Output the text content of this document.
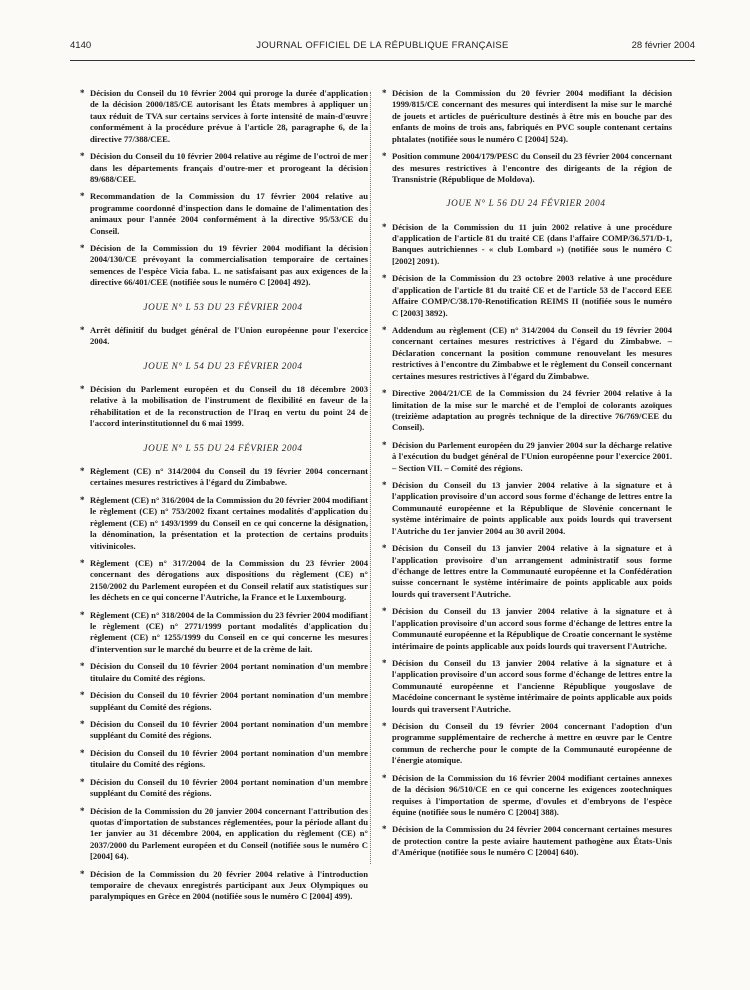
4140	JOURNAL OFFICIEL DE LA RÉPUBLIQUE FRANÇAISE	28 février 2004
* Décision du Conseil du 10 février 2004 qui proroge la durée d'application de la décision 2000/185/CE autorisant les États membres à appliquer un taux réduit de TVA sur certains services à forte intensité de main-d'œuvre conformément à la procédure prévue à l'article 28, paragraphe 6, de la directive 77/388/CEE.
* Décision du Conseil du 10 février 2004 relative au régime de l'octroi de mer dans les départements français d'outre-mer et prorogeant la décision 89/688/CEE.
* Recommandation de la Commission du 17 février 2004 relative au programme coordonné d'inspection dans le domaine de l'alimentation des animaux pour l'année 2004 conformément à la directive 95/53/CE du Conseil.
* Décision de la Commission du 19 février 2004 modifiant la décision 2004/130/CE prévoyant la commercialisation temporaire de certaines semences de l'espèce Vicia faba. L. ne satisfaisant pas aux exigences de la directive 66/401/CEE (notifiée sous le numéro C [2004] 492).
JOUE N° L 53 DU 23 FÉVRIER 2004
* Arrêt définitif du budget général de l'Union européenne pour l'exercice 2004.
JOUE N° L 54 DU 23 FÉVRIER 2004
* Décision du Parlement européen et du Conseil du 18 décembre 2003 relative à la mobilisation de l'instrument de flexibilité en faveur de la réhabilitation et de la reconstruction de l'Iraq en vertu du point 24 de l'accord interinstitutionnel du 6 mai 1999.
JOUE N° L 55 DU 24 FÉVRIER 2004
* Règlement (CE) n° 314/2004 du Conseil du 19 février 2004 concernant certaines mesures restrictives à l'égard du Zimbabwe.
* Règlement (CE) n° 316/2004 de la Commission du 20 février 2004 modifiant le règlement (CE) n° 753/2002 fixant certaines modalités d'application du règlement (CE) n° 1493/1999 du Conseil en ce qui concerne la désignation, la dénomination, la présentation et la protection de certains produits vitivinicoles.
* Règlement (CE) n° 317/2004 de la Commission du 23 février 2004 concernant des dérogations aux dispositions du règlement (CE) n° 2150/2002 du Parlement européen et du Conseil relatif aux statistiques sur les déchets en ce qui concerne l'Autriche, la France et le Luxembourg.
* Règlement (CE) n° 318/2004 de la Commission du 23 février 2004 modifiant le règlement (CE) n° 2771/1999 portant modalités d'application du règlement (CE) n° 1255/1999 du Conseil en ce qui concerne les mesures d'intervention sur le marché du beurre et de la crème de lait.
* Décision du Conseil du 10 février 2004 portant nomination d'un membre titulaire du Comité des régions.
* Décision du Conseil du 10 février 2004 portant nomination d'un membre suppléant du Comité des régions.
* Décision du Conseil du 10 février 2004 portant nomination d'un membre suppléant du Comité des régions.
* Décision du Conseil du 10 février 2004 portant nomination d'un membre titulaire du Comité des régions.
* Décision du Conseil du 10 février 2004 portant nomination d'un membre suppléant du Comité des régions.
* Décision de la Commission du 20 janvier 2004 concernant l'attribution des quotas d'importation de substances réglementées, pour la période allant du 1er janvier au 31 décembre 2004, en application du règlement (CE) n° 2037/2000 du Parlement européen et du Conseil (notifiée sous le numéro C [2004] 64).
* Décision de la Commission du 20 février 2004 relative à l'introduction temporaire de chevaux enregistrés participant aux Jeux Olympiques ou paralympiques en Grèce en 2004 (notifiée sous le numéro C [2004] 499).
* Décision de la Commission du 20 février 2004 modifiant la décision 1999/815/CE concernant des mesures qui interdisent la mise sur le marché de jouets et articles de puériculture destinés à être mis en bouche par des enfants de moins de trois ans, fabriqués en PVC souple contenant certains phtalates (notifiée sous le numéro C [2004] 524).
* Position commune 2004/179/PESC du Conseil du 23 février 2004 concernant des mesures restrictives à l'encontre des dirigeants de la région de Transnistrie (République de Moldova).
JOUE N° L 56 DU 24 FÉVRIER 2004
* Décision de la Commission du 11 juin 2002 relative à une procédure d'application de l'article 81 du traité CE (dans l'affaire COMP/36.571/D-1, Banques autrichiennes - « club Lombard ») (notifiée sous le numéro C [2002] 2091).
* Décision de la Commission du 23 octobre 2003 relative à une procédure d'application de l'article 81 du traité CE et de l'article 53 de l'accord EEE Affaire COMP/C/38.170-Renotification REIMS II (notifiée sous le numéro C [2003] 3892).
* Addendum au règlement (CE) n° 314/2004 du Conseil du 19 février 2004 concernant certaines mesures restrictives à l'égard du Zimbabwe. – Déclaration concernant la position commune renouvelant les mesures restrictives à l'encontre du Zimbabwe et le règlement du Conseil concernant certaines mesures restrictives à l'égard du Zimbabwe.
* Directive 2004/21/CE de la Commission du 24 février 2004 relative à la limitation de la mise sur le marché et de l'emploi de colorants azoïques (treizième adaptation au progrès technique de la directive 76/769/CEE du Conseil).
* Décision du Parlement européen du 29 janvier 2004 sur la décharge relative à l'exécution du budget général de l'Union européenne pour l'exercice 2001. – Section VII. – Comité des régions.
* Décision du Conseil du 13 janvier 2004 relative à la signature et à l'application provisoire d'un accord sous forme d'échange de lettres entre la Communauté européenne et la République de Slovénie concernant le système intérimaire de points applicable aux poids lourds qui traversent l'Autriche du 1er janvier 2004 au 30 avril 2004.
* Décision du Conseil du 13 janvier 2004 relative à la signature et à l'application provisoire d'un arrangement administratif sous forme d'échange de lettres entre la Communauté européenne et la Confédération suisse concernant le système intérimaire de points applicable aux poids lourds qui traversent l'Autriche.
* Décision du Conseil du 13 janvier 2004 relative à la signature et à l'application provisoire d'un accord sous forme d'échange de lettres entre la Communauté européenne et la République de Croatie concernant le système intérimaire de points applicable aux poids lourds qui traversent l'Autriche.
* Décision du Conseil du 13 janvier 2004 relative à la signature et à l'application provisoire d'un accord sous forme d'échange de lettres entre la Communauté européenne et l'ancienne République yougoslave de Macédoine concernant le système intérimaire de points applicable aux poids lourds qui traversent l'Autriche.
* Décision du Conseil du 19 février 2004 concernant l'adoption d'un programme supplémentaire de recherche à mettre en œuvre par le Centre commun de recherche pour le compte de la Communauté européenne de l'énergie atomique.
* Décision de la Commission du 16 février 2004 modifiant certaines annexes de la décision 96/510/CE en ce qui concerne les exigences zootechniques requises à l'importation de sperme, d'ovules et d'embryons de l'espèce équine (notifiée sous le numéro C [2004] 388).
* Décision de la Commission du 24 février 2004 concernant certaines mesures de protection contre la peste aviaire hautement pathogène aux États-Unis d'Amérique (notifiée sous le numéro C [2004] 640).
